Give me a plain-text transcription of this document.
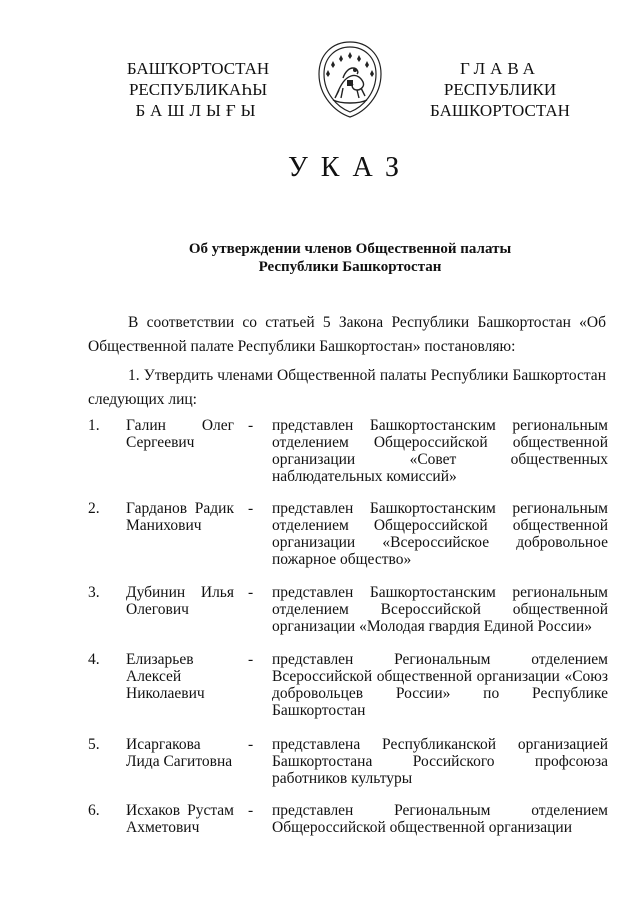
БАШҠОРТОСТАН
РЕСПУБЛИКАҺЫ
БАШЛЫҒЫ
ГЛАВА
РЕСПУБЛИКИ
БАШКОРТОСТАН
УКАЗ
Об утверждении членов Общественной палаты
Республики Башкортостан
В соответствии со статьей 5 Закона Республики Башкортостан «Об Общественной палате Республики Башкортостан» постановляю:
1. Утвердить членами Общественной палаты Республики Башкортостан следующих лиц:
1. Галин Олег Сергеевич
- представлен Башкортостанским региональным отделением Общероссийской общественной организации «Совет общественных наблюдательных комиссий»
2. Гарданов Радик Манихович
- представлен Башкортостанским региональным отделением Общероссийской общественной организации «Всероссийское добровольное пожарное общество»
3. Дубинин Илья Олегович
- представлен Башкортостанским региональным отделением Всероссийской общественной организации «Молодая гвардия Единой России»
4. Елизарьев Алексей Николаевич
- представлен Региональным отделением Всероссийской общественной организации «Союз добровольцев России» по Республике Башкортостан
5. Исаргакова Лида Сагитовна
- представлена Республиканской организацией Башкортостана Российского профсоюза работников культуры
6. Исхаков Рустам Ахметович
- представлен Региональным отделением Общероссийской общественной организации
